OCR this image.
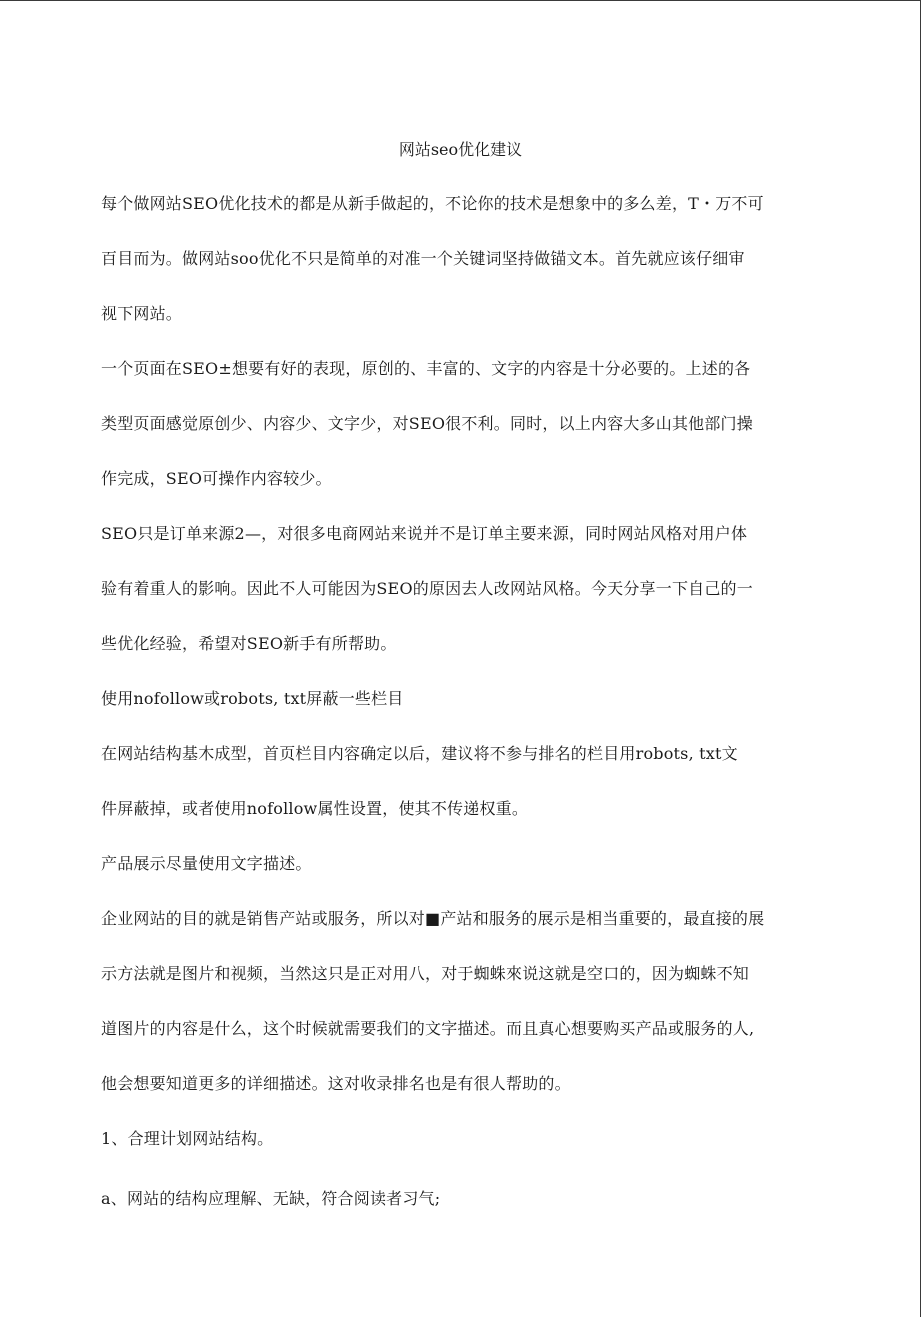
网站seo优化建议
每个做网站SEO优化技术的都是从新手做起的，不论你的技术是想象中的多么差，T・万不可
百目而为。做网站soo优化不只是简单的对准一个关键词坚持做锚文本。首先就应该仔细审
视下网站。
一个页面在SEO±想要有好的表现，原创的、丰富的、文字的内容是十分必要的。上述的各
类型页面感觉原创少、内容少、文字少，对SEO很不利。同时，以上内容大多山其他部门操
作完成，SEO可操作内容较少。
SEO只是订单来源2—，对很多电商网站来说并不是订单主要来源，同时网站风格对用户体
验有着重人的影响。因此不人可能因为SEO的原因去人改网站风格。今天分享一下自己的一
些优化经验，希望对SEO新手有所帮助。
使用nofollow或robots, txt屏蔽一些栏目
在网站结构基木成型，首页栏目内容确定以后，建议将不参与排名的栏目用robots, txt文
件屏蔽掉，或者使用nofollow属性设置，使其不传递权重。
产品展示尽量使用文字描述。
企业网站的目的就是销售产站或服务，所以对■产站和服务的展示是相当重要的，最直接的展
示方法就是图片和视频，当然这只是正对用八，对于蜘蛛來说这就是空口的，因为蜘蛛不知
道图片的内容是什么，这个时候就需要我们的文字描述。而且真心想要购买产品或服务的人,
他会想要知道更多的详细描述。这对收录排名也是有很人帮助的。
1、合理计划网站结构。
a、网站的结构应理解、无缺，符合阅读者习气;
